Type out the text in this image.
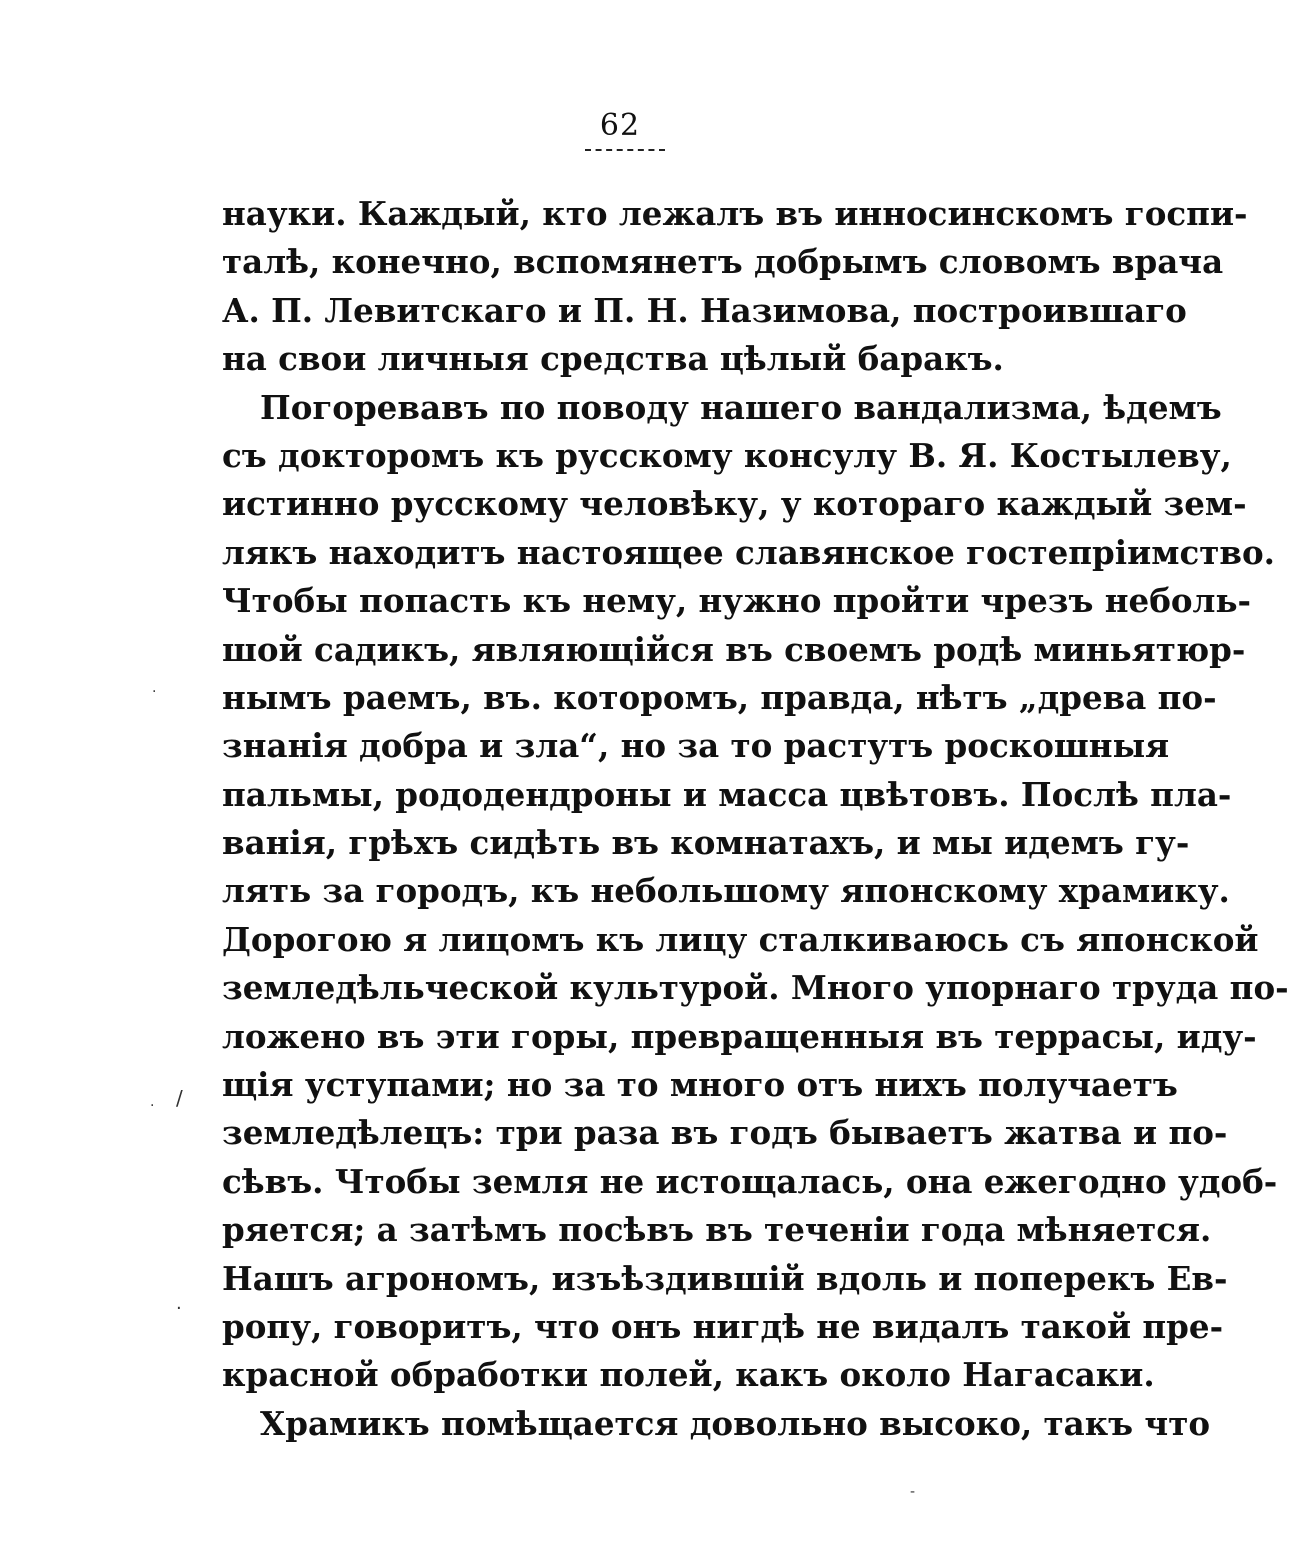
62
науки. Каждый, кто лежалъ въ инносинскомъ госпи-
талѣ, конечно, вспомянетъ добрымъ словомъ врача
А. П. Левитскаго и П. Н. Назимова, построившаго
на свои личныя средства цѣлый баракъ.
Погоревавъ по поводу нашего вандализма, ѣдемъ
съ докторомъ къ русскому консулу В. Я. Костылеву,
истинно русскому человѣку, у котораго каждый зем-
лякъ находитъ настоящее славянское гостепріимство.
Чтобы попасть къ нему, нужно пройти чрезъ неболь-
шой садикъ, являющійся въ своемъ родѣ миньятюр-
нымъ раемъ, въ. которомъ, правда, нѣтъ „древа по-
знанія добра и зла“, но за то растутъ роскошныя
пальмы, рододендроны и масса цвѣтовъ. Послѣ пла-
ванія, грѣхъ сидѣть въ комнатахъ, и мы идемъ гу-
лять за городъ, къ небольшому японскому храмику.
Дорогою я лицомъ къ лицу сталкиваюсь съ японской
земледѣльческой культурой. Много упорнаго труда по-
ложено въ эти горы, превращенныя въ террасы, иду-
щія уступами; но за то много отъ нихъ получаетъ
земледѣлецъ: три раза въ годъ бываетъ жатва и по-
сѣвъ. Чтобы земля не истощалась, она ежегодно удоб-
ряется; а затѣмъ посѣвъ въ теченіи года мѣняется.
Нашъ агрономъ, изъѣздившій вдоль и поперекъ Ев-
ропу, говоритъ, что онъ нигдѣ не видалъ такой пре-
красной обработки полей, какъ около Нагасаки.
Храмикъ помѣщается довольно высоко, такъ что
·
· /
·
-
